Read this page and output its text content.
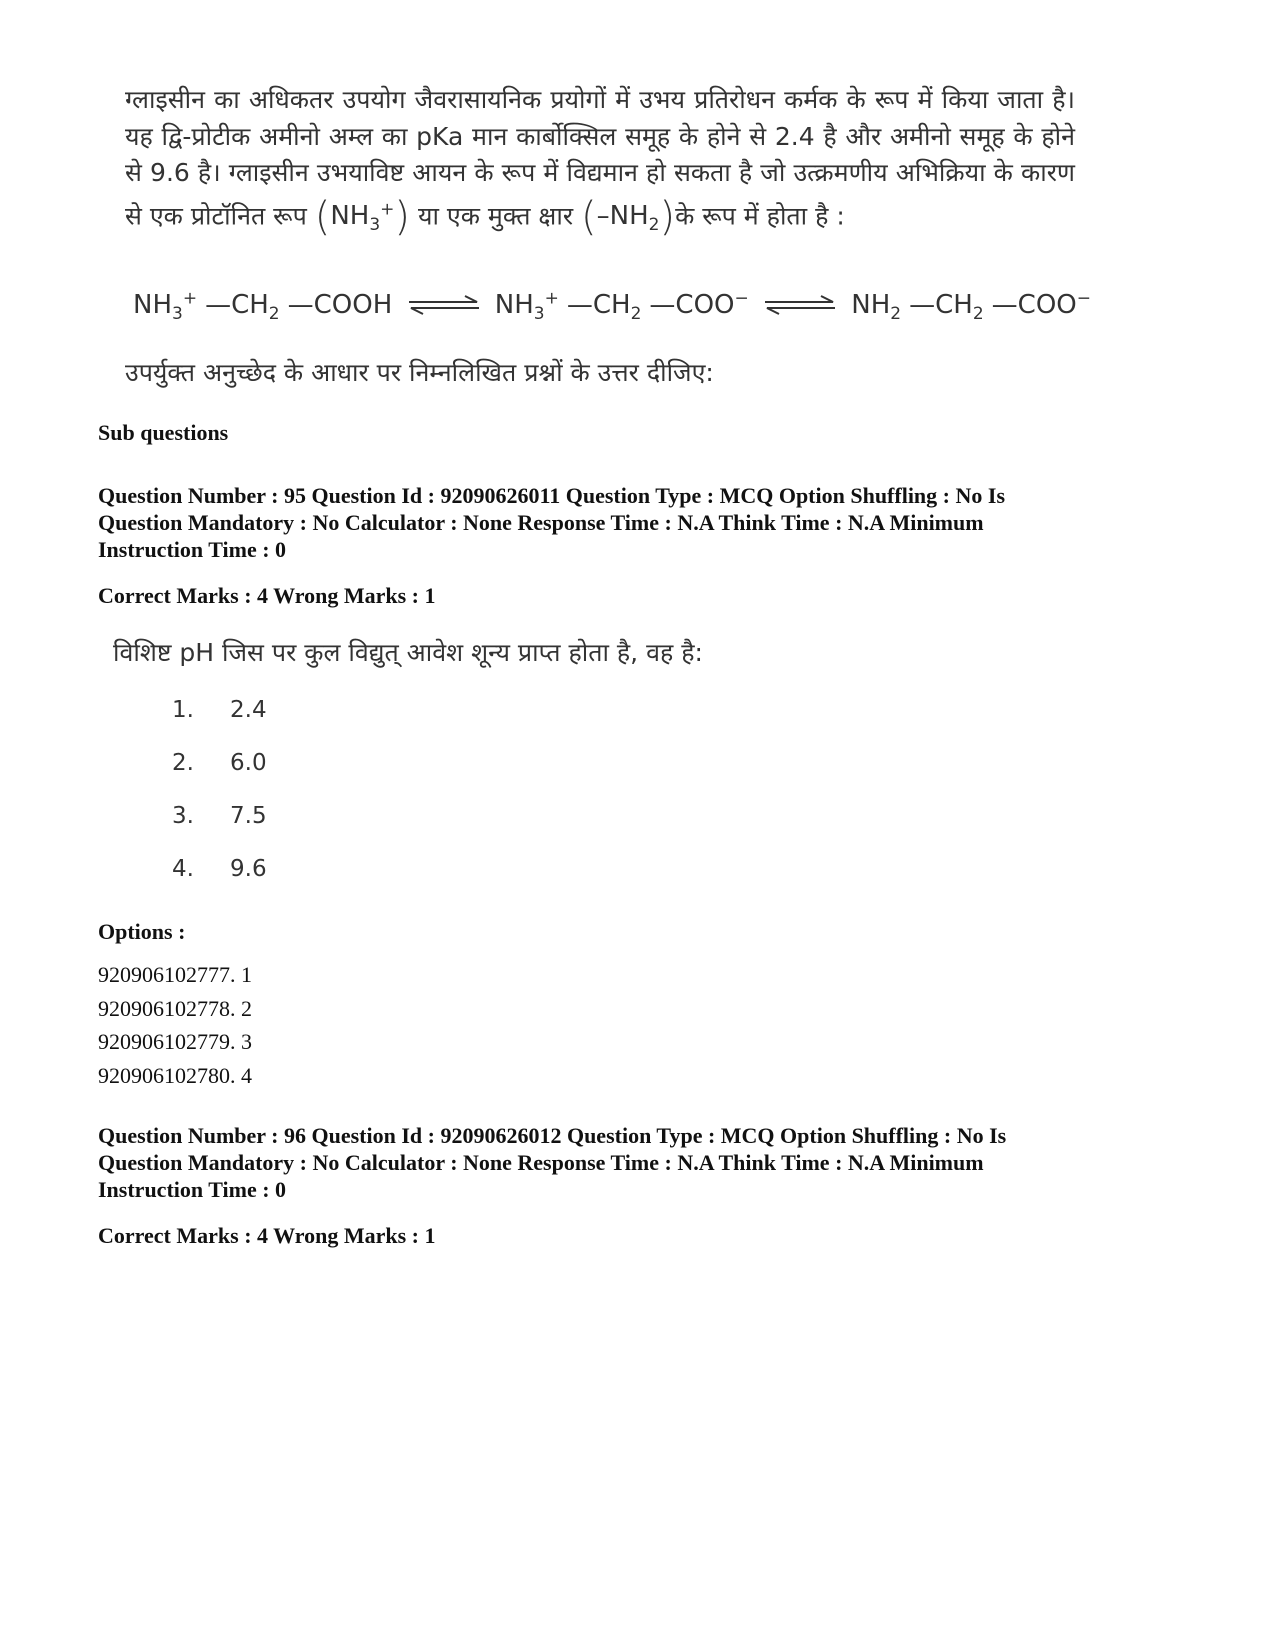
ग्लाइसीन का अधिकतर उपयोग जैवरासायनिक प्रयोगों में उभय प्रतिरोधन कर्मक के रूप में किया जाता है। यह द्वि-प्रोटीक अमीनो अम्ल का pKa मान कार्बोक्सिल समूह के होने से 2.4 है और अमीनो समूह के होने से 9.6 है। ग्लाइसीन उभयाविष्ट आयन के रूप में विद्यमान हो सकता है जो उत्क्रमणीय अभिक्रिया के कारण से एक प्रोटॉनित रूप $(NH_3^+)$ या एक मुक्त क्षार $(-NH_2)के$ रूप में होता है :

$NH_3^+$ $—CH_2$ —COOH ⇌ $NH_3^+$ $—CH_2$ —COO− ⇌ $NH_2$ $—CH_2$ —COO−

उपर्युक्त अनुच्छेद के आधार पर निम्नलिखित प्रश्नों के उत्तर दीजिए:

Sub questions

Question Number : 95 Question Id : 92090626011 Question Type : MCQ Option Shuffling : No Is
Question Mandatory : No Calculator : None Response Time : N.A Think Time : N.A Minimum
Instruction Time : 0

Correct Marks : 4 Wrong Marks : 1

विशिष्ट pH जिस पर कुल विद्युत् आवेश शून्य प्राप्त होता है, वह है:

1.	2.4
2.	6.0
3.	7.5
4.	9.6

Options :

920906102777. 1
920906102778. 2
920906102779. 3
920906102780. 4
Question Number : 96 Question Id : 92090626012 Question Type : MCQ Option Shuffling : No Is
Question Mandatory : No Calculator : None Response Time : N.A Think Time : N.A Minimum
Instruction Time : 0

Correct Marks : 4 Wrong Marks : 1
